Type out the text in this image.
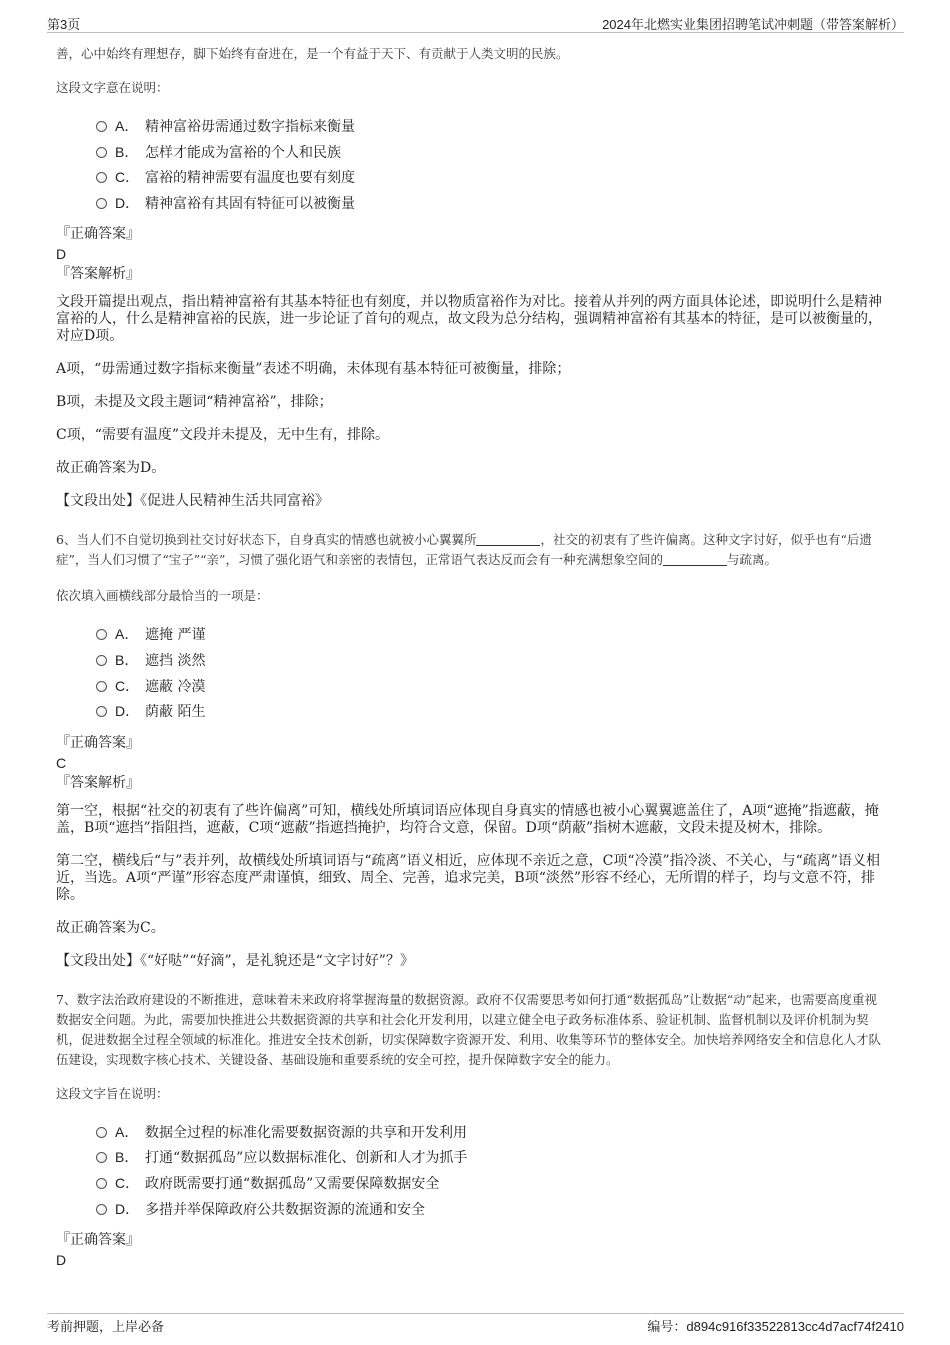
第3页	2024年北燃实业集团招聘笔试冲刺题（带答案解析）
善，心中始终有理想存，脚下始终有奋进在，是一个有益于天下、有贡献于人类文明的民族。
这段文字意在说明：
A． 精神富裕毋需通过数字指标来衡量
B． 怎样才能成为富裕的个人和民族
C． 富裕的精神需要有温度也要有刻度
D． 精神富裕有其固有特征可以被衡量
『正确答案』
D
『答案解析』
文段开篇提出观点，指出精神富裕有其基本特征也有刻度，并以物质富裕作为对比。接着从并列的两方面具体论述，即说明什么是精神富裕的人，什么是精神富裕的民族，进一步论证了首句的观点，故文段为总分结构，强调精神富裕有其基本的特征，是可以被衡量的，对应D项。
A项，“毋需通过数字指标来衡量”表述不明确，未体现有基本特征可被衡量，排除；
B项，未提及文段主题词“精神富裕”，排除；
C项，“需要有温度”文段并未提及，无中生有，排除。
故正确答案为D。
【文段出处】《促进人民精神生活共同富裕》
6、当人们不自觉切换到社交讨好状态下，自身真实的情感也就被小心翼翼所	，社交的初衷有了些许偏离。这种文字讨好，似乎也有“后遗症”，当人们习惯了“宝子”“亲”，习惯了强化语气和亲密的表情包，正常语气表达反而会有一种充满想象空间的	与疏离。
依次填入画横线部分最恰当的一项是：
A． 遮掩 严谨
B． 遮挡 淡然
C． 遮蔽 冷漠
D． 荫蔽 陌生
『正确答案』
C
『答案解析』
第一空，根据“社交的初衷有了些许偏离”可知，横线处所填词语应体现自身真实的情感也被小心翼翼遮盖住了，A项“遮掩”指遮蔽，掩盖，B项“遮挡”指阻挡，遮蔽，C项“遮蔽”指遮挡掩护，均符合文意，保留。D项“荫蔽”指树木遮蔽，文段未提及树木，排除。
第二空，横线后“与”表并列，故横线处所填词语与“疏离”语义相近，应体现不亲近之意，C项“冷漠”指冷淡、不关心，与“疏离”语义相近，当选。A项“严谨”形容态度严肃谨慎，细致、周全、完善，追求完美，B项“淡然”形容不经心，无所谓的样子，均与文意不符，排除。
故正确答案为C。
【文段出处】《“好哒”“好滴”，是礼貌还是“文字讨好”？》
7、数字法治政府建设的不断推进，意味着未来政府将掌握海量的数据资源。政府不仅需要思考如何打通“数据孤岛”让数据“动”起来，也需要高度重视数据安全问题。为此，需要加快推进公共数据资源的共享和社会化开发利用，以建立健全电子政务标准体系、验证机制、监督机制以及评价机制为契机，促进数据全过程全领域的标准化。推进安全技术创新，切实保障数字资源开发、利用、收集等环节的整体安全。加快培养网络安全和信息化人才队伍建设，实现数字核心技术、关键设备、基础设施和重要系统的安全可控，提升保障数字安全的能力。
这段文字旨在说明：
A． 数据全过程的标准化需要数据资源的共享和开发利用
B． 打通“数据孤岛”应以数据标准化、创新和人才为抓手
C． 政府既需要打通“数据孤岛”又需要保障数据安全
D． 多措并举保障政府公共数据资源的流通和安全
『正确答案』
D
考前押题，上岸必备	编号：d894c916f33522813cc4d7acf74f2410
